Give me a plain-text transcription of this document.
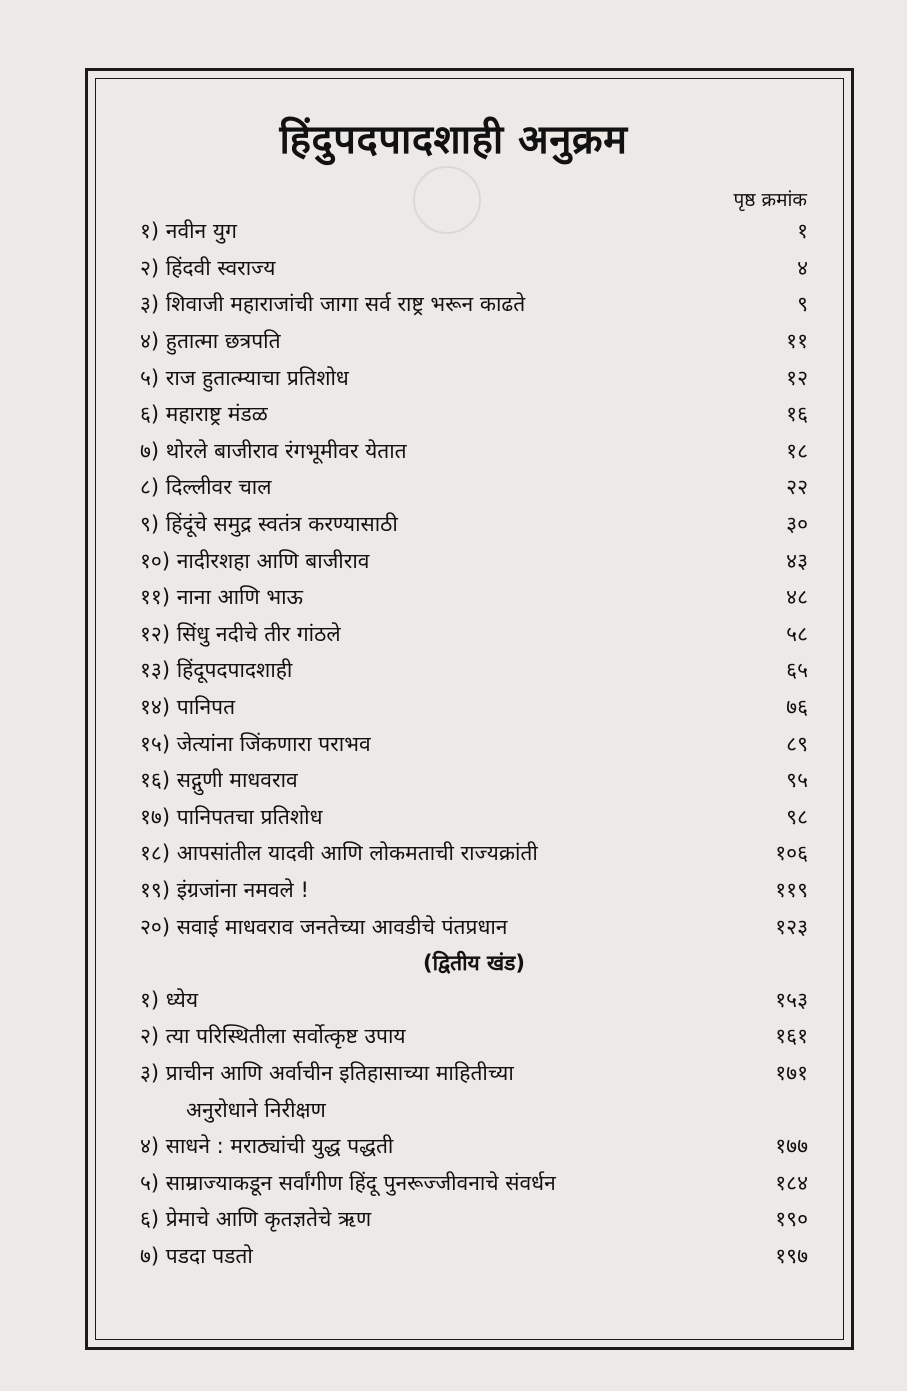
हिंदुपदपादशाही अनुक्रम
पृष्ठ क्रमांक
१) नवीन युग	१
२) हिंदवी स्वराज्य	४
३) शिवाजी महाराजांची जागा सर्व राष्ट्र भरून काढते	९
४) हुतात्मा छत्रपति	११
५) राज हुतात्म्याचा प्रतिशोध	१२
६) महाराष्ट्र मंडळ	१६
७) थोरले बाजीराव रंगभूमीवर येतात	१८
८) दिल्लीवर चाल	२२
९) हिंदूंचे समुद्र स्वतंत्र करण्यासाठी	३०
१०) नादीरशहा आणि बाजीराव	४३
११) नाना आणि भाऊ	४८
१२) सिंधु नदीचे तीर गांठले	५८
१३) हिंदूपदपादशाही	६५
१४) पानिपत	७६
१५) जेत्यांना जिंकणारा पराभव	८९
१६) सद्गुणी माधवराव	९५
१७) पानिपतचा प्रतिशोध	९८
१८) आपसांतील यादवी आणि लोकमताची राज्यक्रांती	१०६
१९) इंग्रजांना नमवले !	११९
२०) सवाई माधवराव जनतेच्या आवडीचे पंतप्रधान	१२३
(द्वितीय खंड)
१) ध्येय	१५३
२) त्या परिस्थितीला सर्वोत्कृष्ट उपाय	१६१
३) प्राचीन आणि अर्वाचीन इतिहासाच्या माहितीच्या	१७१
अनुरोधाने निरीक्षण
४) साधने : मराठ्यांची युद्ध पद्धती	१७७
५) साम्राज्याकडून सर्वांगीण हिंदू पुनरूज्जीवनाचे संवर्धन	१८४
६) प्रेमाचे आणि कृतज्ञतेचे ऋण	१९०
७) पडदा पडतो	१९७
